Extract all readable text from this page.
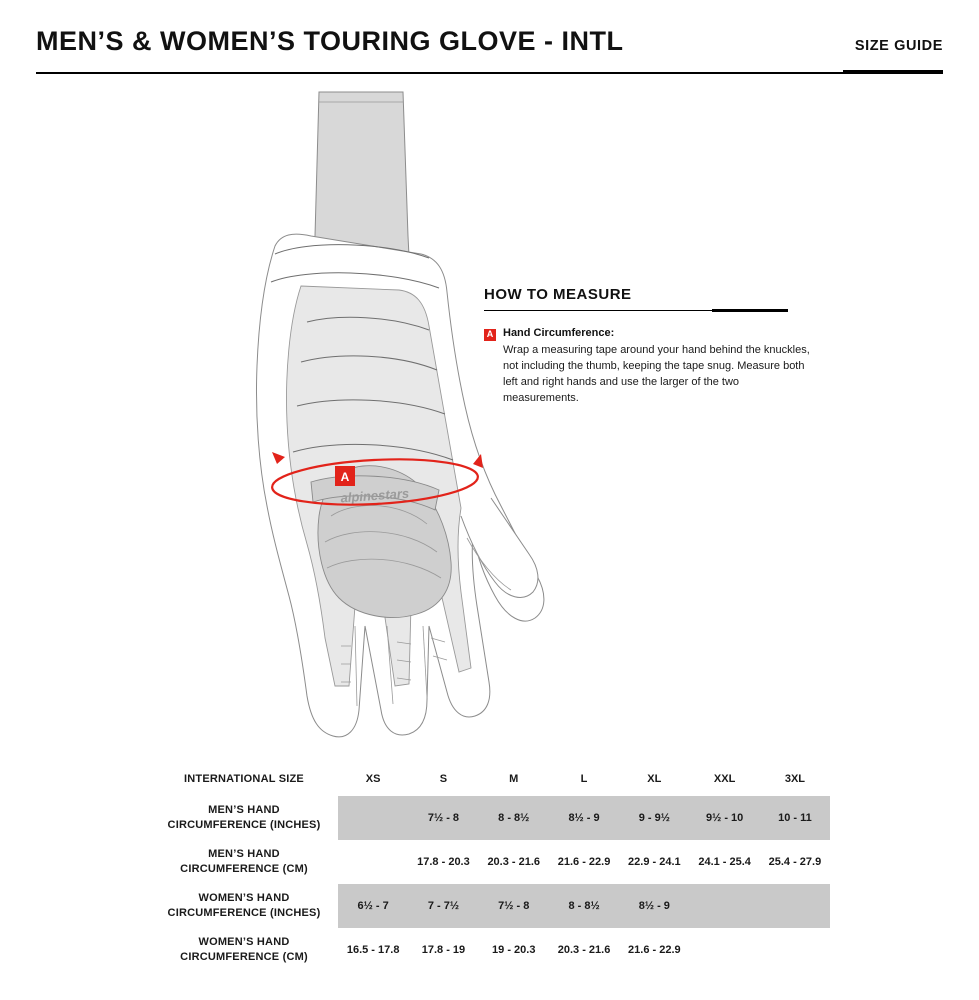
MEN’S & WOMEN’S TOURING GLOVE - INTL	SIZE GUIDE
alpinestars
A
HOW TO MEASURE
A Hand Circumference:
Wrap a measuring tape around your hand behind the knuckles, not including the thumb, keeping the tape snug. Measure both left and right hands and use the larger of the two measurements.
INTERNATIONAL SIZE	XS	S	M	L	XL	XXL	3XL
MEN’S HAND
CIRCUMFERENCE (INCHES)		7½ - 8	8 - 8½	8½ - 9	9 - 9½	9½ - 10	10 - 11
MEN’S HAND
CIRCUMFERENCE (CM)		17.8 - 20.3	20.3 - 21.6	21.6 - 22.9	22.9 - 24.1	24.1 - 25.4	25.4 - 27.9
WOMEN’S HAND
CIRCUMFERENCE (INCHES)	6½ - 7	7 - 7½	7½ - 8	8 - 8½	8½ - 9		
WOMEN’S HAND
CIRCUMFERENCE (CM)	16.5 - 17.8	17.8 - 19	19 - 20.3	20.3 - 21.6	21.6 - 22.9		
